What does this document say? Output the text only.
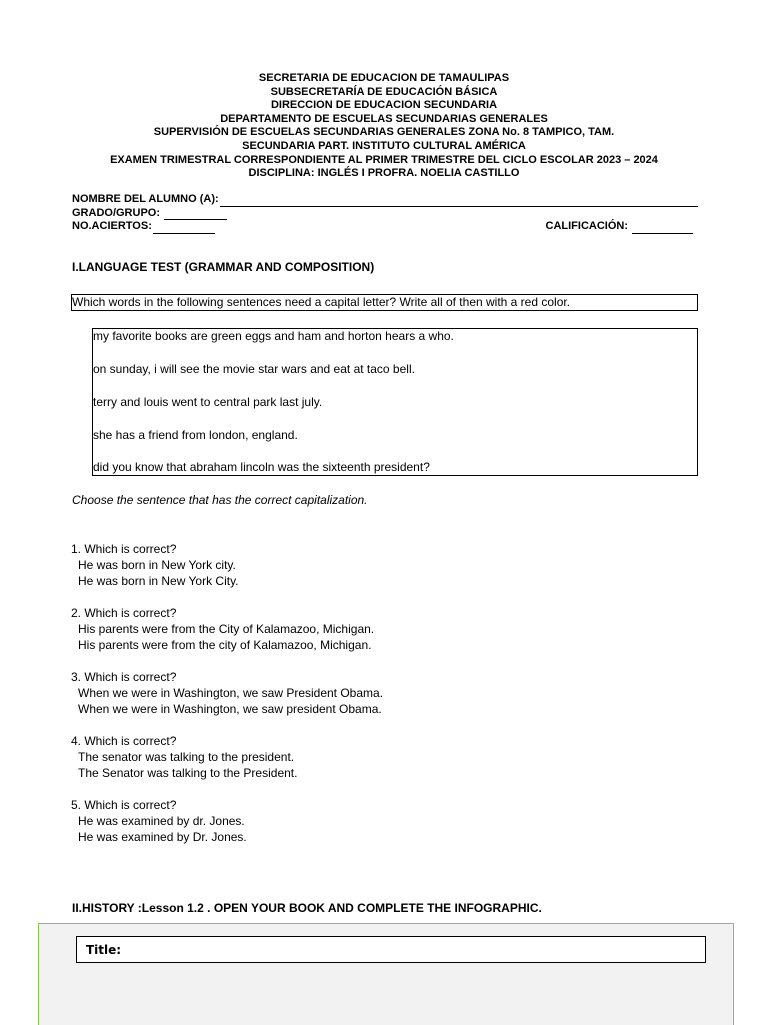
SECRETARIA DE EDUCACION DE TAMAULIPAS
SUBSECRETARÍA DE EDUCACIÓN BÁSICA
DIRECCION DE EDUCACION SECUNDARIA
DEPARTAMENTO DE ESCUELAS SECUNDARIAS GENERALES
SUPERVISIÓN DE ESCUELAS SECUNDARIAS GENERALES ZONA No. 8 TAMPICO, TAM.
SECUNDARIA PART. INSTITUTO CULTURAL AMÉRICA
EXAMEN TRIMESTRAL CORRESPONDIENTE AL PRIMER TRIMESTRE DEL CICLO ESCOLAR 2023 – 2024
DISCIPLINA: INGLÉS I PROFRA. NOELIA CASTILLO
NOMBRE DEL ALUMNO (A):
GRADO/GRUPO:
NO.ACIERTOS:	CALIFICACIÓN:
I.LANGUAGE TEST (GRAMMAR AND COMPOSITION)
Which words in the following sentences need a capital letter? Write all of then with a red color.
my favorite books are green eggs and ham and horton hears a who.
on sunday, i will see the movie star wars and eat at taco bell.
terry and louis went to central park last july.
she has a friend from london, england.
did you know that abraham lincoln was the sixteenth president?
Choose the sentence that has the correct capitalization.
1. Which is correct?
He was born in New York city.
He was born in New York City.
2. Which is correct?
His parents were from the City of Kalamazoo, Michigan.
His parents were from the city of Kalamazoo, Michigan.
3. Which is correct?
When we were in Washington, we saw President Obama.
When we were in Washington, we saw president Obama.
4. Which is correct?
The senator was talking to the president.
The Senator was talking to the President.
5. Which is correct?
He was examined by dr. Jones.
He was examined by Dr. Jones.
II.HISTORY :Lesson 1.2 . OPEN YOUR BOOK AND COMPLETE THE INFOGRAPHIC.
Title:
